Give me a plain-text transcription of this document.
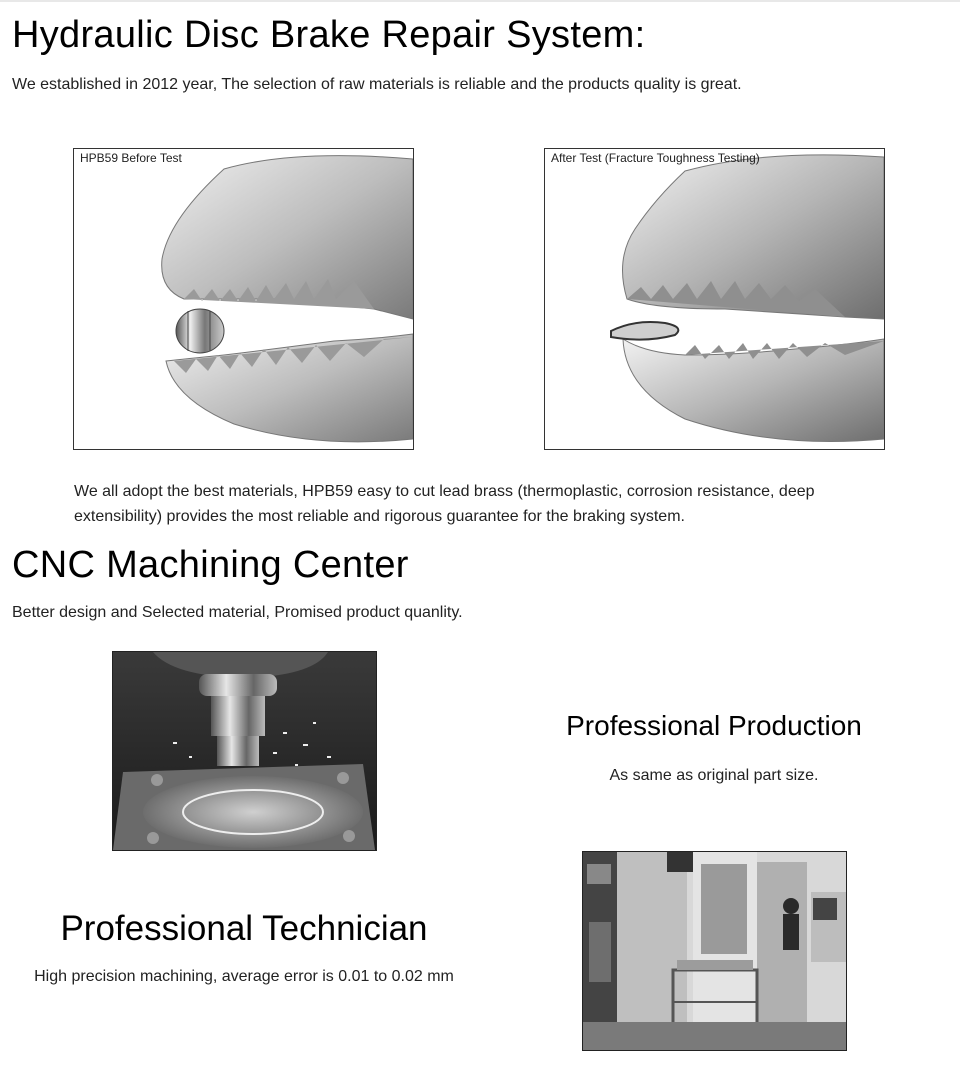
Hydraulic Disc Brake Repair System:
We established in 2012 year, The selection of raw materials is reliable and the products quality is great.
HPB59 Before Test	After Test (Fracture Toughness Testing)
We all adopt the best materials, HPB59 easy to cut lead brass (thermoplastic, corrosion resistance, deep extensibility) provides the most reliable and rigorous guarantee for the braking system.
CNC Machining Center
Better design and Selected material, Promised product quanlity.
Professional Production
As same as original part size.
Professional Technician
High precision machining, average error is 0.01 to 0.02 mm
